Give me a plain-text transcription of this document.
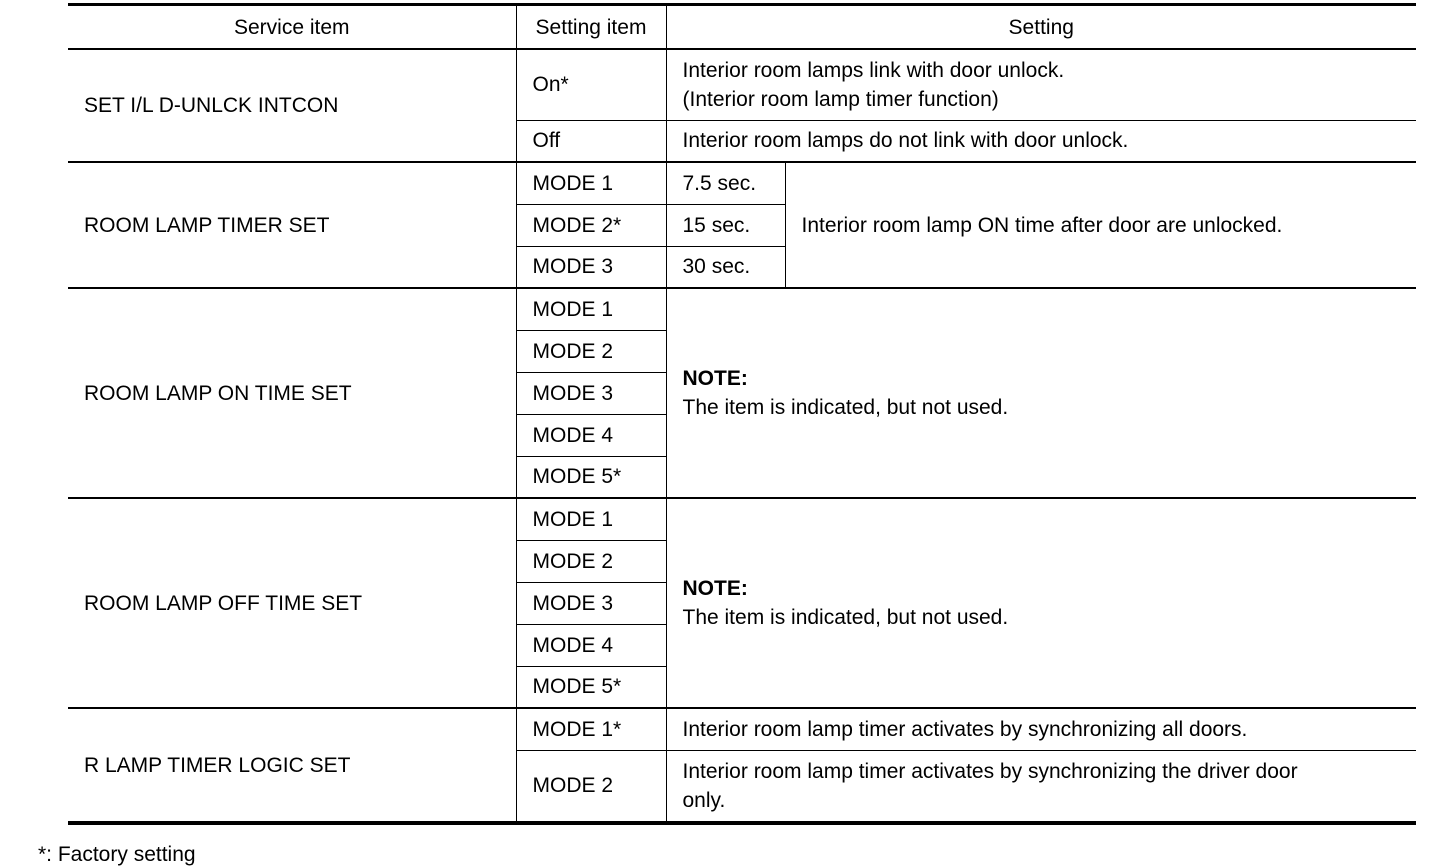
Service item	Setting item	Setting	
SET I/L D-UNLCK INTCON	On*	Interior room lamps link with door unlock.
(Interior room lamp timer function)	

	Off	Interior room lamps do not link with door unlock.	
ROOM LAMP TIMER SET	MODE 1	7.5 sec.	Interior room lamp ON time after door are unlocked.
	MODE 2*	15 sec.	
	MODE 3	30 sec.	
ROOM LAMP ON TIME SET	MODE 1	NOTE:
The item is indicated, but not used.	

	MODE 2		
	MODE 3		
	MODE 4		
	MODE 5*		
ROOM LAMP OFF TIME SET	MODE 1	NOTE:
The item is indicated, but not used.	

	MODE 2		
	MODE 3		
	MODE 4		
	MODE 5*		
R LAMP TIMER LOGIC SET	MODE 1*	Interior room lamp timer activates by synchronizing all doors.	
	MODE 2	Interior room lamp timer activates by synchronizing the driver door
only.	
*: Factory setting
